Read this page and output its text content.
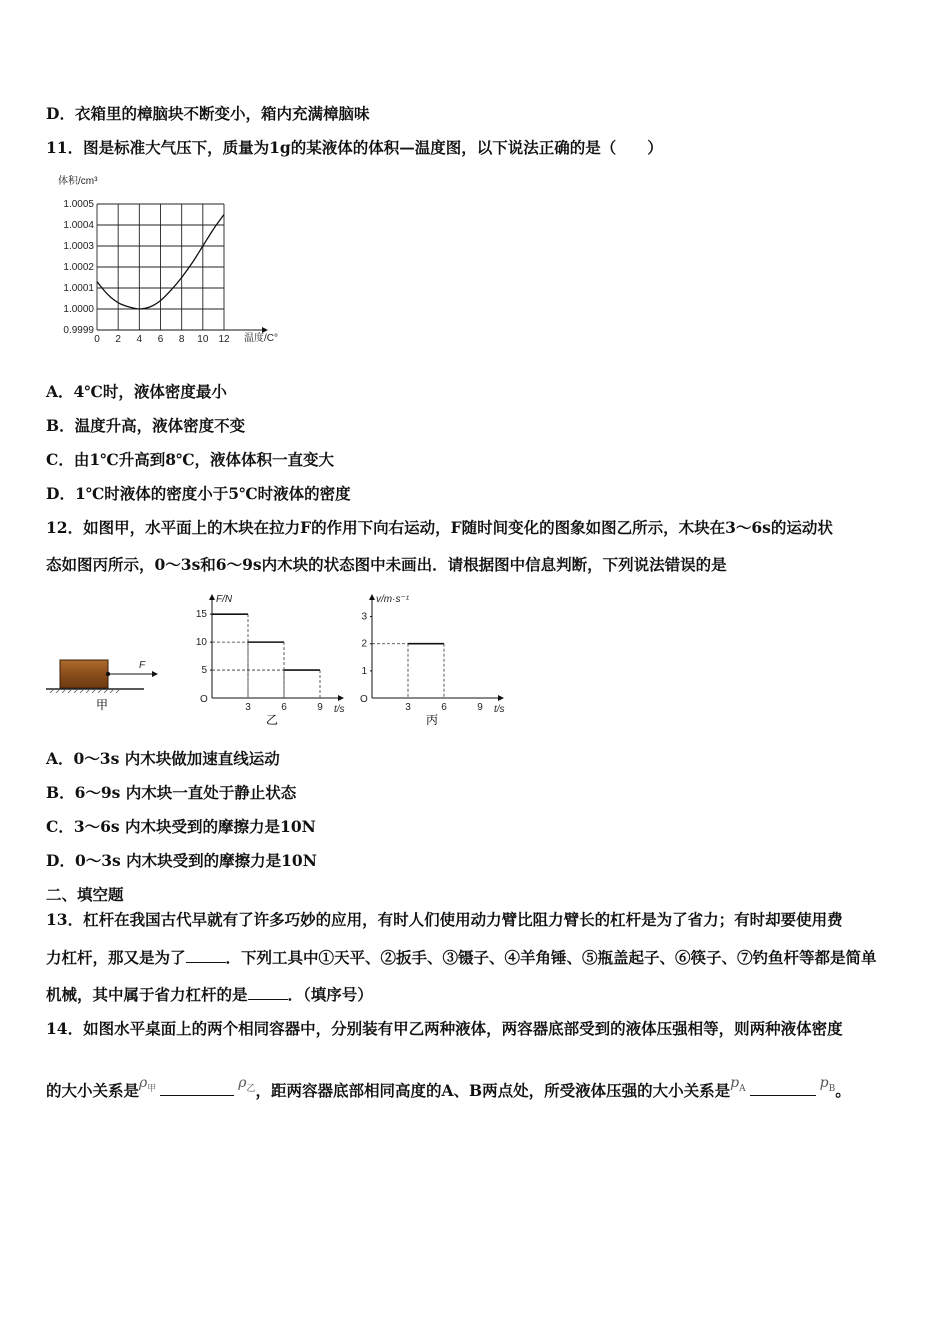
D．衣箱里的樟脑块不断变小，箱内充满樟脑味
11．图是标准大气压下，质量为1g的某液体的体积—温度图，以下说法正确的是（　　）
体积/cm³
0.9999
1.0000
1.0001
1.0002
1.0003
1.0004
1.0005
0 2 4 6 8 10 12 温度/C°
A．4℃时，液体密度最小
B．温度升高，液体密度不变
C．由1℃升高到8℃，液体体积一直变大
D．1℃时液体的密度小于5℃时液体的密度
12．如图甲，水平面上的木块在拉力F的作用下向右运动，F随时间变化的图象如图乙所示，木块在3～6s的运动状
态如图丙所示，0～3s和6～9s内木块的状态图中未画出．请根据图中信息判断，下列说法错误的是
F
甲
F/N
t/s
O
3	6	9
5
10
15
乙
v/m·s⁻¹
t/s
O
3	6	9
1
2
3
丙
A．0～3s 内木块做加速直线运动
B．6～9s 内木块一直处于静止状态
C．3～6s 内木块受到的摩擦力是10N
D．0～3s 内木块受到的摩擦力是10N
二、填空题
13．杠杆在我国古代早就有了许多巧妙的应用，有时人们使用动力臂比阻力臂长的杠杆是为了省力；有时却要使用费
力杠杆，那又是为了	．下列工具中①天平、②扳手、③镊子、④羊角锤、⑤瓶盖起子、⑥筷子、⑦钓鱼杆等都是简单
机械，其中属于省力杠杆的是	．（填序号）
14．如图水平桌面上的两个相同容器中，分别装有甲乙两种液体，两容器底部受到的液体压强相等，则两种液体密度
的大小关系是$\rho_甲$	$\rho_乙$，距两容器底部相同高度的A、B两点处，所受液体压强的大小关系是$p_A$	$p_B$。
